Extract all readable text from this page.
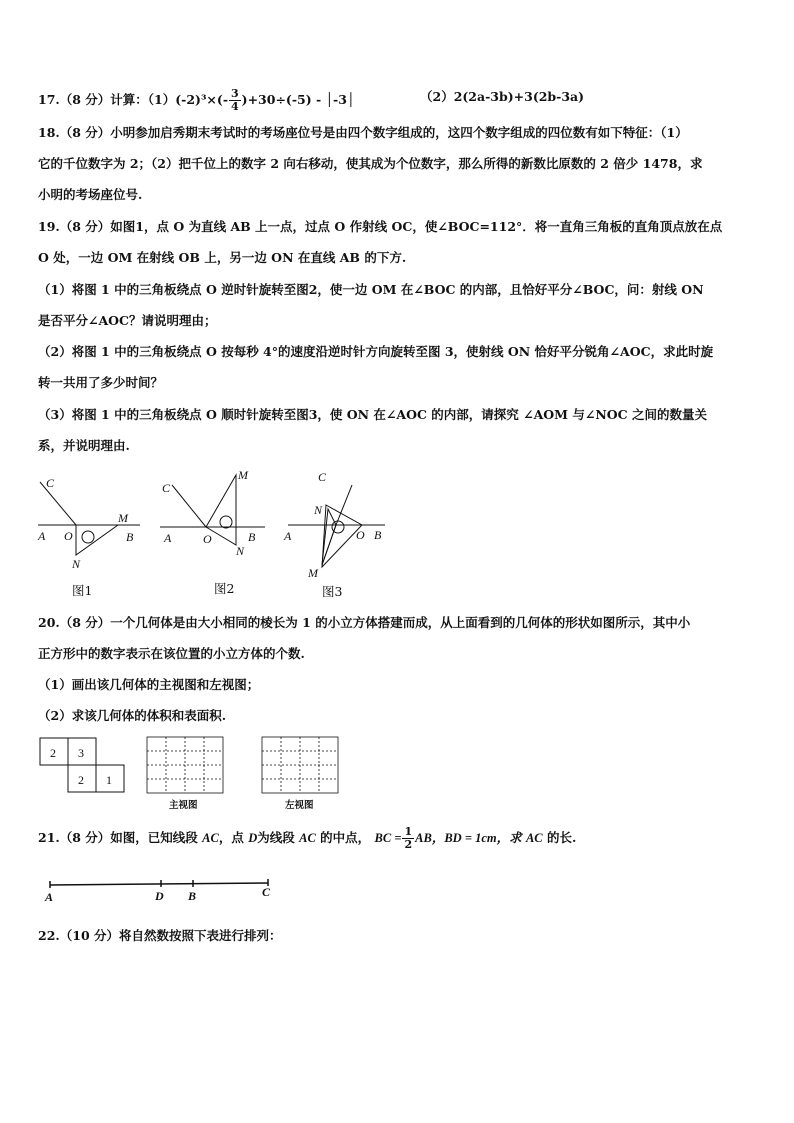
17.（8 分）计算：$(1)(-2)^3\times(- \frac{3}{4} )+30\div(-5)$ - │-3│	（2）2(2a-3b)+3(2b-3a)
18.（8 分）小明参加启秀期末考试时的考场座位号是由四个数字组成的，这四个数字组成的四位数有如下特征：（1）
它的千位数字为 2；（2）把千位上的数字 2 向右移动，使其成为个位数字，那么所得的新数比原数的 2 倍少 1478，求
小明的考场座位号.
19.（8 分）如图1，点 O 为直线 AB 上一点，过点 O 作射线 OC，使∠BOC=112°．将一直角三角板的直角顶点放在点
O 处，一边 OM 在射线 OB 上，另一边 ON 在直线 AB 的下方.
（1）将图 1 中的三角板绕点 O 逆时针旋转至图2，使一边 OM 在∠BOC 的内部，且恰好平分∠BOC，问：射线 ON
是否平分∠AOC？请说明理由；
（2）将图 1 中的三角板绕点 O 按每秒 4°的速度沿逆时针方向旋转至图 3，使射线 ON 恰好平分锐角∠AOC，求此时旋
转一共用了多少时间？
（3）将图 1 中的三角板绕点 O 顺时针旋转至图3，使 ON 在∠AOC 的内部，请探究 ∠AOM 与∠NOC 之间的数量关
系，并说明理由.
C
A O	B
M
N
C
M
A	O	B
N
C
N
A	O B
M
图1	图2	图3
20.（8 分）一个几何体是由大小相同的棱长为 1 的小立方体搭建而成，从上面看到的几何体的形状如图所示，其中小
正方形中的数字表示在该位置的小立方体的个数.
（1）画出该几何体的主视图和左视图；
（2）求该几何体的体积和表面积.
2 3
2 1
主视图	左视图
21.（8 分）如图，已知线段 AC，点 D为线段 AC 的中点， BC = $\frac{1}{2}$ AB，BD = 1cm，求 AC 的长.
A	D B	C
22.（10 分）将自然数按照下表进行排列：
